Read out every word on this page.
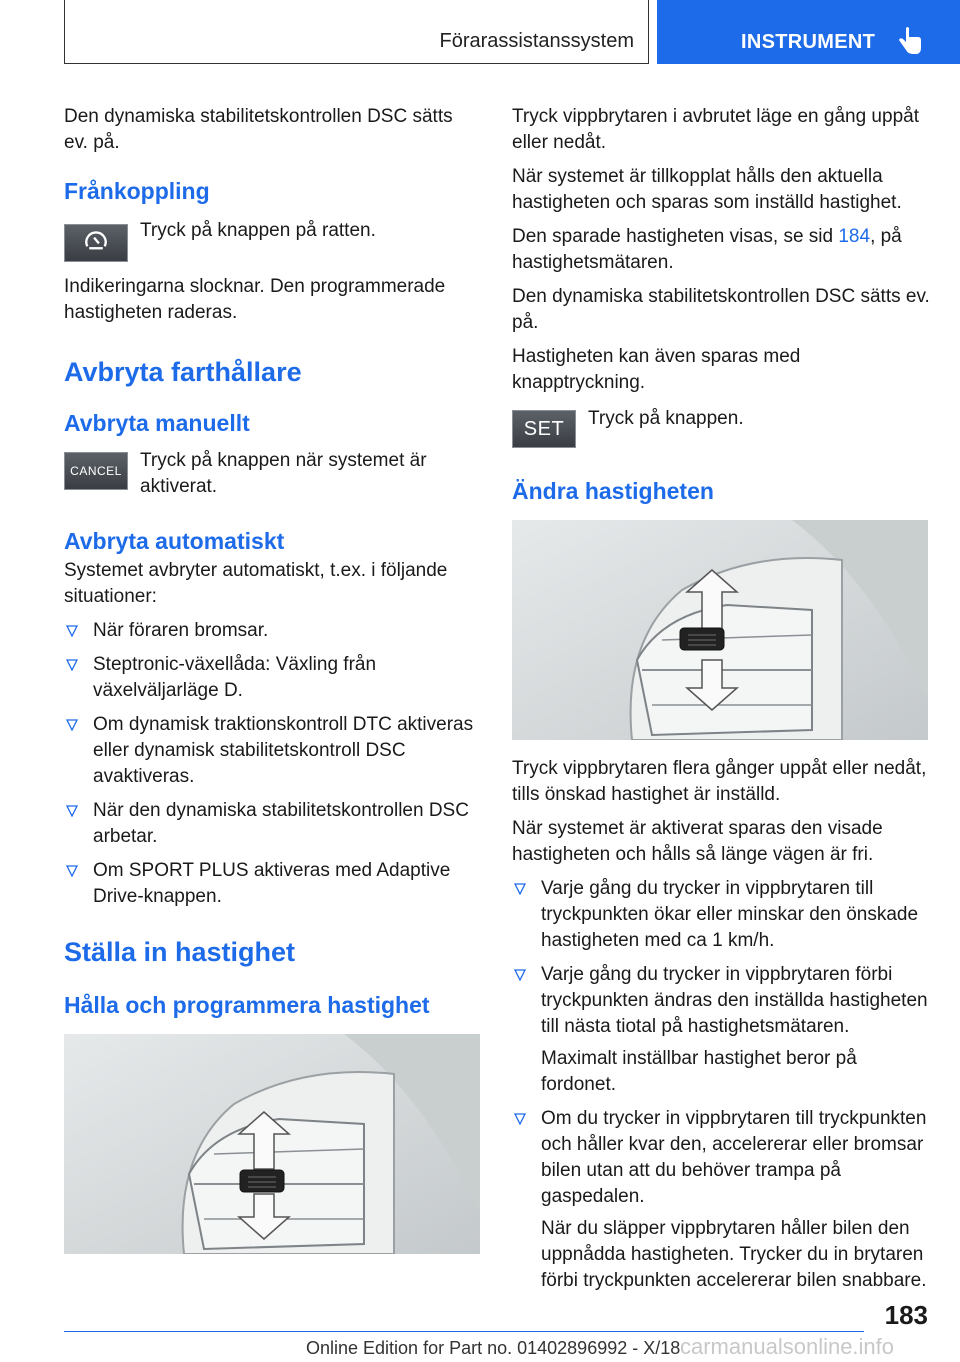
Förarassistanssystem	INSTRUMENT

Den dynamiska stabilitetskontrollen DSC sätts ev. på.

Frånkoppling
Tryck på knappen på ratten.

Indikeringarna slocknar. Den programmerade hastigheten raderas.

Avbryta farthållare
Avbryta manuellt
CANCEL Tryck på knappen när systemet är aktiverat.
Avbryta automatiskt

Systemet avbryter automatiskt, t.ex. i följande situationer:

När föraren bromsar.
Steptronic-växellåda: Växling från växelväljarläge D.
Om dynamisk traktionskontroll DTC aktiveras eller dynamisk stabilitetskontroll DSC avaktiveras.
När den dynamiska stabilitetskontrollen DSC arbetar.
Om SPORT PLUS aktiveras med Adaptive Drive-knappen.
Ställa in hastighet
Hålla och programmera hastighet

Tryck vippbrytaren i avbrutet läge en gång uppåt eller nedåt.

När systemet är tillkopplat hålls den aktuella hastigheten och sparas som inställd hastighet.

Den sparade hastigheten visas, se sid 184, på hastighetsmätaren.

Den dynamiska stabilitetskontrollen DSC sätts ev. på.

Hastigheten kan även sparas med knapptryckning.

SET	Tryck på knappen.
Ändra hastigheten

Tryck vippbrytaren flera gånger uppåt eller nedåt, tills önskad hastighet är inställd.

När systemet är aktiverat sparas den visade hastigheten och hålls så länge vägen är fri.

Varje gång du trycker in vippbrytaren till tryckpunkten ökar eller minskar den önskade hastigheten med ca 1 km/h.
Varje gång du trycker in vippbrytaren förbi tryckpunkten ändras den inställda hastigheten till nästa tiotal på hastighetsmätaren.
Maximalt inställbar hastighet beror på fordonet.
Om du trycker in vippbrytaren till tryckpunkten och håller kvar den, accelererar eller bromsar bilen utan att du behöver trampa på gaspedalen.
När du släpper vippbrytaren håller bilen den uppnådda hastigheten. Trycker du in brytaren förbi tryckpunkten accelererar bilen snabbare.
183
Online Edition for Part no. 01402896992 - X/18 carmanualsonline.info
